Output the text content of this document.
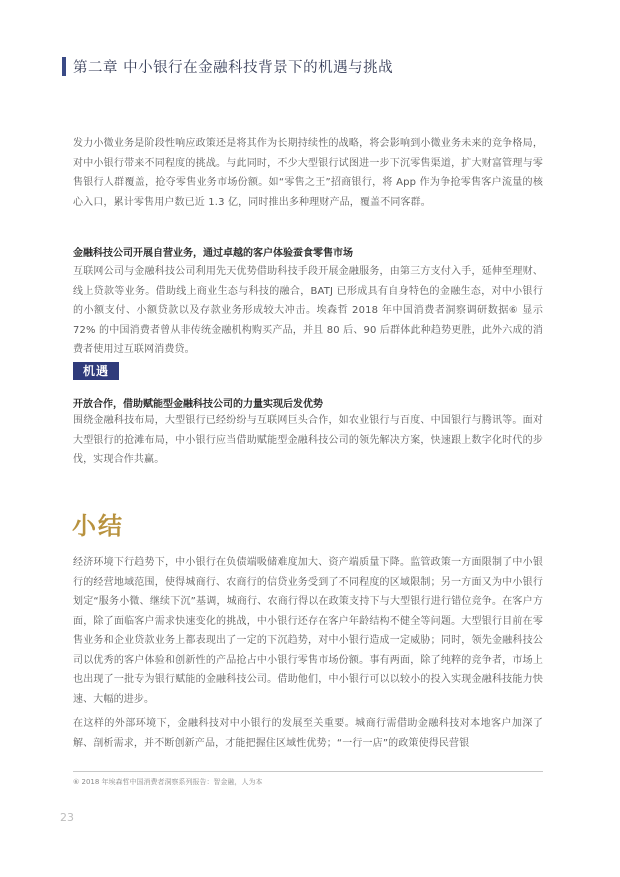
第二章 中小银行在金融科技背景下的机遇与挑战

发力小微业务是阶段性响应政策还是将其作为长期持续性的战略，将会影响到小微业务未来的竞争格局，对中小银行带来不同程度的挑战。与此同时，不少大型银行试图进一步下沉零售渠道，扩大财富管理与零售银行人群覆盖，抢夺零售业务市场份额。如“零售之王”招商银行，将 App 作为争抢零售客户流量的核心入口，累计零售用户数已近 1.3 亿，同时推出多种理财产品，覆盖不同客群。

金融科技公司开展自营业务，通过卓越的客户体验蚕食零售市场

互联网公司与金融科技公司利用先天优势借助科技手段开展金融服务，由第三方支付入手，延伸至理财、线上贷款等业务。借助线上商业生态与科技的融合，BATJ 已形成具有自身特色的金融生态，对中小银行的小额支付、小额贷款以及存款业务形成较大冲击。埃森哲 2018 年中国消费者洞察调研数据⑥ 显示 72% 的中国消费者曾从非传统金融机构购买产品，并且 80 后、90 后群体此种趋势更胜，此外六成的消费者使用过互联网消费贷。

机遇
开放合作，借助赋能型金融科技公司的力量实现后发优势

围绕金融科技布局，大型银行已经纷纷与互联网巨头合作，如农业银行与百度、中国银行与腾讯等。面对大型银行的抢滩布局，中小银行应当借助赋能型金融科技公司的领先解决方案，快速跟上数字化时代的步伐，实现合作共赢。

小结

经济环境下行趋势下，中小银行在负债端吸储难度加大、资产端质量下降。监管政策一方面限制了中小银行的经营地域范围，使得城商行、农商行的信贷业务受到了不同程度的区域限制；另一方面又为中小银行划定“服务小微、继续下沉”基调，城商行、农商行得以在政策支持下与大型银行进行错位竞争。在客户方面，除了面临客户需求快速变化的挑战，中小银行还存在客户年龄结构不健全等问题。大型银行目前在零售业务和企业贷款业务上都表现出了一定的下沉趋势，对中小银行造成一定威胁；同时，领先金融科技公司以优秀的客户体验和创新性的产品抢占中小银行零售市场份额。事有两面，除了纯粹的竞争者，市场上也出现了一批专为银行赋能的金融科技公司。借助他们，中小银行可以以较小的投入实现金融科技能力快速、大幅的进步。

在这样的外部环境下，金融科技对中小银行的发展至关重要。城商行需借助金融科技对本地客户加深了解、剖析需求，并不断创新产品，才能把握住区域性优势；“一行一店”的政策使得民营银

⑥ 2018 年埃森哲中国消费者洞察系列报告：智金融，人为本
23
